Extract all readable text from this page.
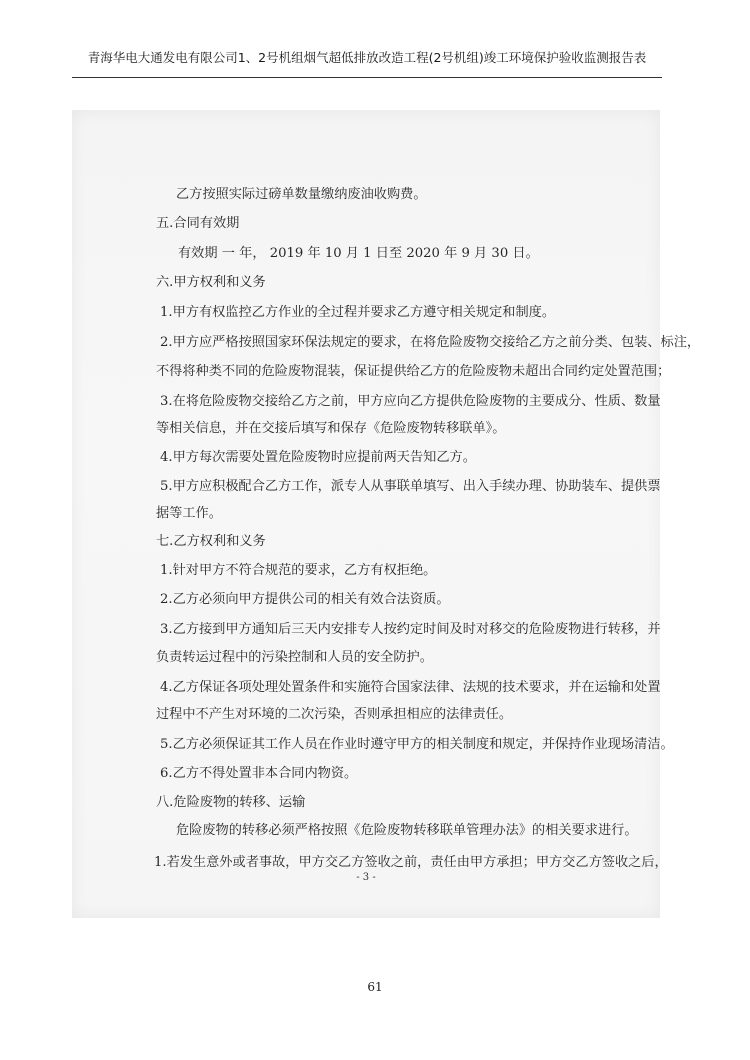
青海华电大通发电有限公司1、2号机组烟气超低排放改造工程(2号机组)竣工环境保护验收监测报告表
乙方按照实际过磅单数量缴纳废油收购费。
五.合同有效期
有效期 一 年， 2019 年 10 月 1 日至 2020 年 9 月 30 日。
六.甲方权利和义务
1.甲方有权监控乙方作业的全过程并要求乙方遵守相关规定和制度。
2.甲方应严格按照国家环保法规定的要求，在将危险废物交接给乙方之前分类、包装、标注，
不得将种类不同的危险废物混装，保证提供给乙方的危险废物未超出合同约定处置范围；
3.在将危险废物交接给乙方之前，甲方应向乙方提供危险废物的主要成分、性质、数量
等相关信息，并在交接后填写和保存《危险废物转移联单》。
4.甲方每次需要处置危险废物时应提前两天告知乙方。
5.甲方应积极配合乙方工作，派专人从事联单填写、出入手续办理、协助装车、提供票
据等工作。
七.乙方权利和义务
1.针对甲方不符合规范的要求，乙方有权拒绝。
2.乙方必须向甲方提供公司的相关有效合法资质。
3.乙方接到甲方通知后三天内安排专人按约定时间及时对移交的危险废物进行转移，并
负责转运过程中的污染控制和人员的安全防护。
4.乙方保证各项处理处置条件和实施符合国家法律、法规的技术要求，并在运输和处置
过程中不产生对环境的二次污染，否则承担相应的法律责任。
5.乙方必须保证其工作人员在作业时遵守甲方的相关制度和规定，并保持作业现场清洁。
6.乙方不得处置非本合同内物资。
八.危险废物的转移、运输
危险废物的转移必须严格按照《危险废物转移联单管理办法》的相关要求进行。
1.若发生意外或者事故，甲方交乙方签收之前，责任由甲方承担；甲方交乙方签收之后，
- 3 -
61
